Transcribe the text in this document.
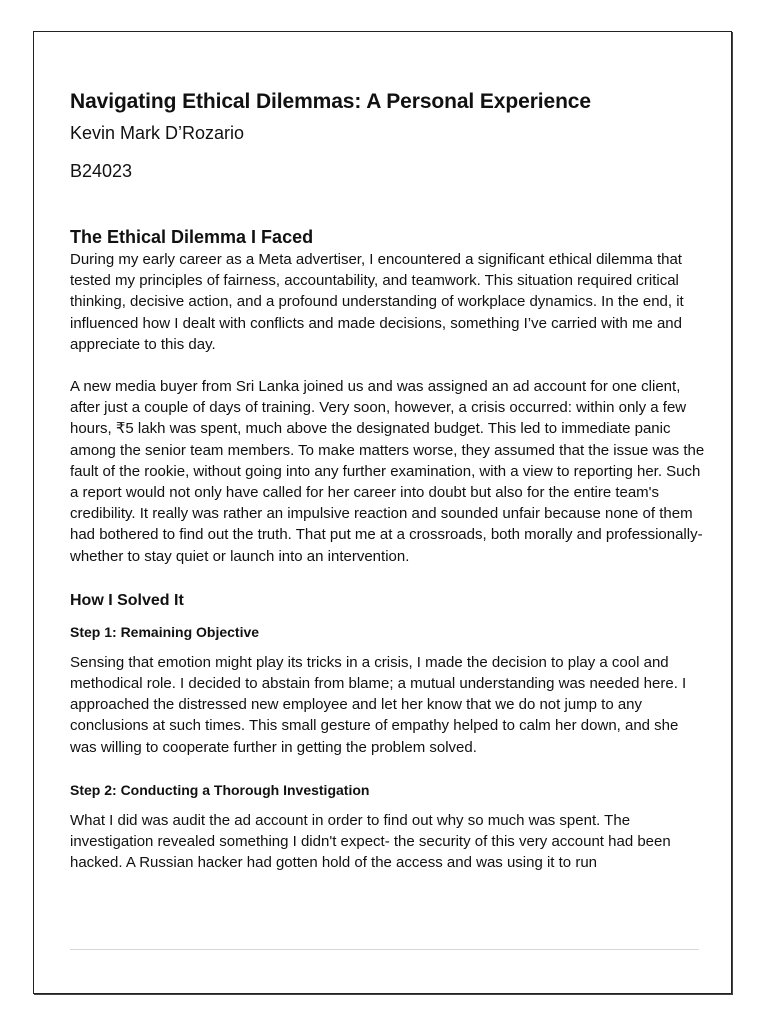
Navigating Ethical Dilemmas: A Personal Experience

Kevin Mark D’Rozario

B24023

The Ethical Dilemma I Faced

During my early career as a Meta advertiser, I encountered a significant ethical dilemma that tested my principles of fairness, accountability, and teamwork. This situation required critical thinking, decisive action, and a profound understanding of workplace dynamics. In the end, it influenced how I dealt with conflicts and made decisions, something I’ve carried with me and appreciate to this day.

A new media buyer from Sri Lanka joined us and was assigned an ad account for one client, after just a couple of days of training. Very soon, however, a crisis occurred: within only a few hours, ₹5 lakh was spent, much above the designated budget. This led to immediate panic among the senior team members. To make matters worse, they assumed that the issue was the fault of the rookie, without going into any further examination, with a view to reporting her. Such a report would not only have called for her career into doubt but also for the entire team's credibility. It really was rather an impulsive reaction and sounded unfair because none of them had bothered to find out the truth. That put me at a crossroads, both morally and professionally-whether to stay quiet or launch into an intervention.

How I Solved It
Step 1: Remaining Objective

Sensing that emotion might play its tricks in a crisis, I made the decision to play a cool and methodical role. I decided to abstain from blame; a mutual understanding was needed here. I approached the distressed new employee and let her know that we do not jump to any conclusions at such times. This small gesture of empathy helped to calm her down, and she was willing to cooperate further in getting the problem solved.

Step 2: Conducting a Thorough Investigation

What I did was audit the ad account in order to find out why so much was spent. The investigation revealed something I didn't expect- the security of this very account had been hacked. A Russian hacker had gotten hold of the access and was using it to run
